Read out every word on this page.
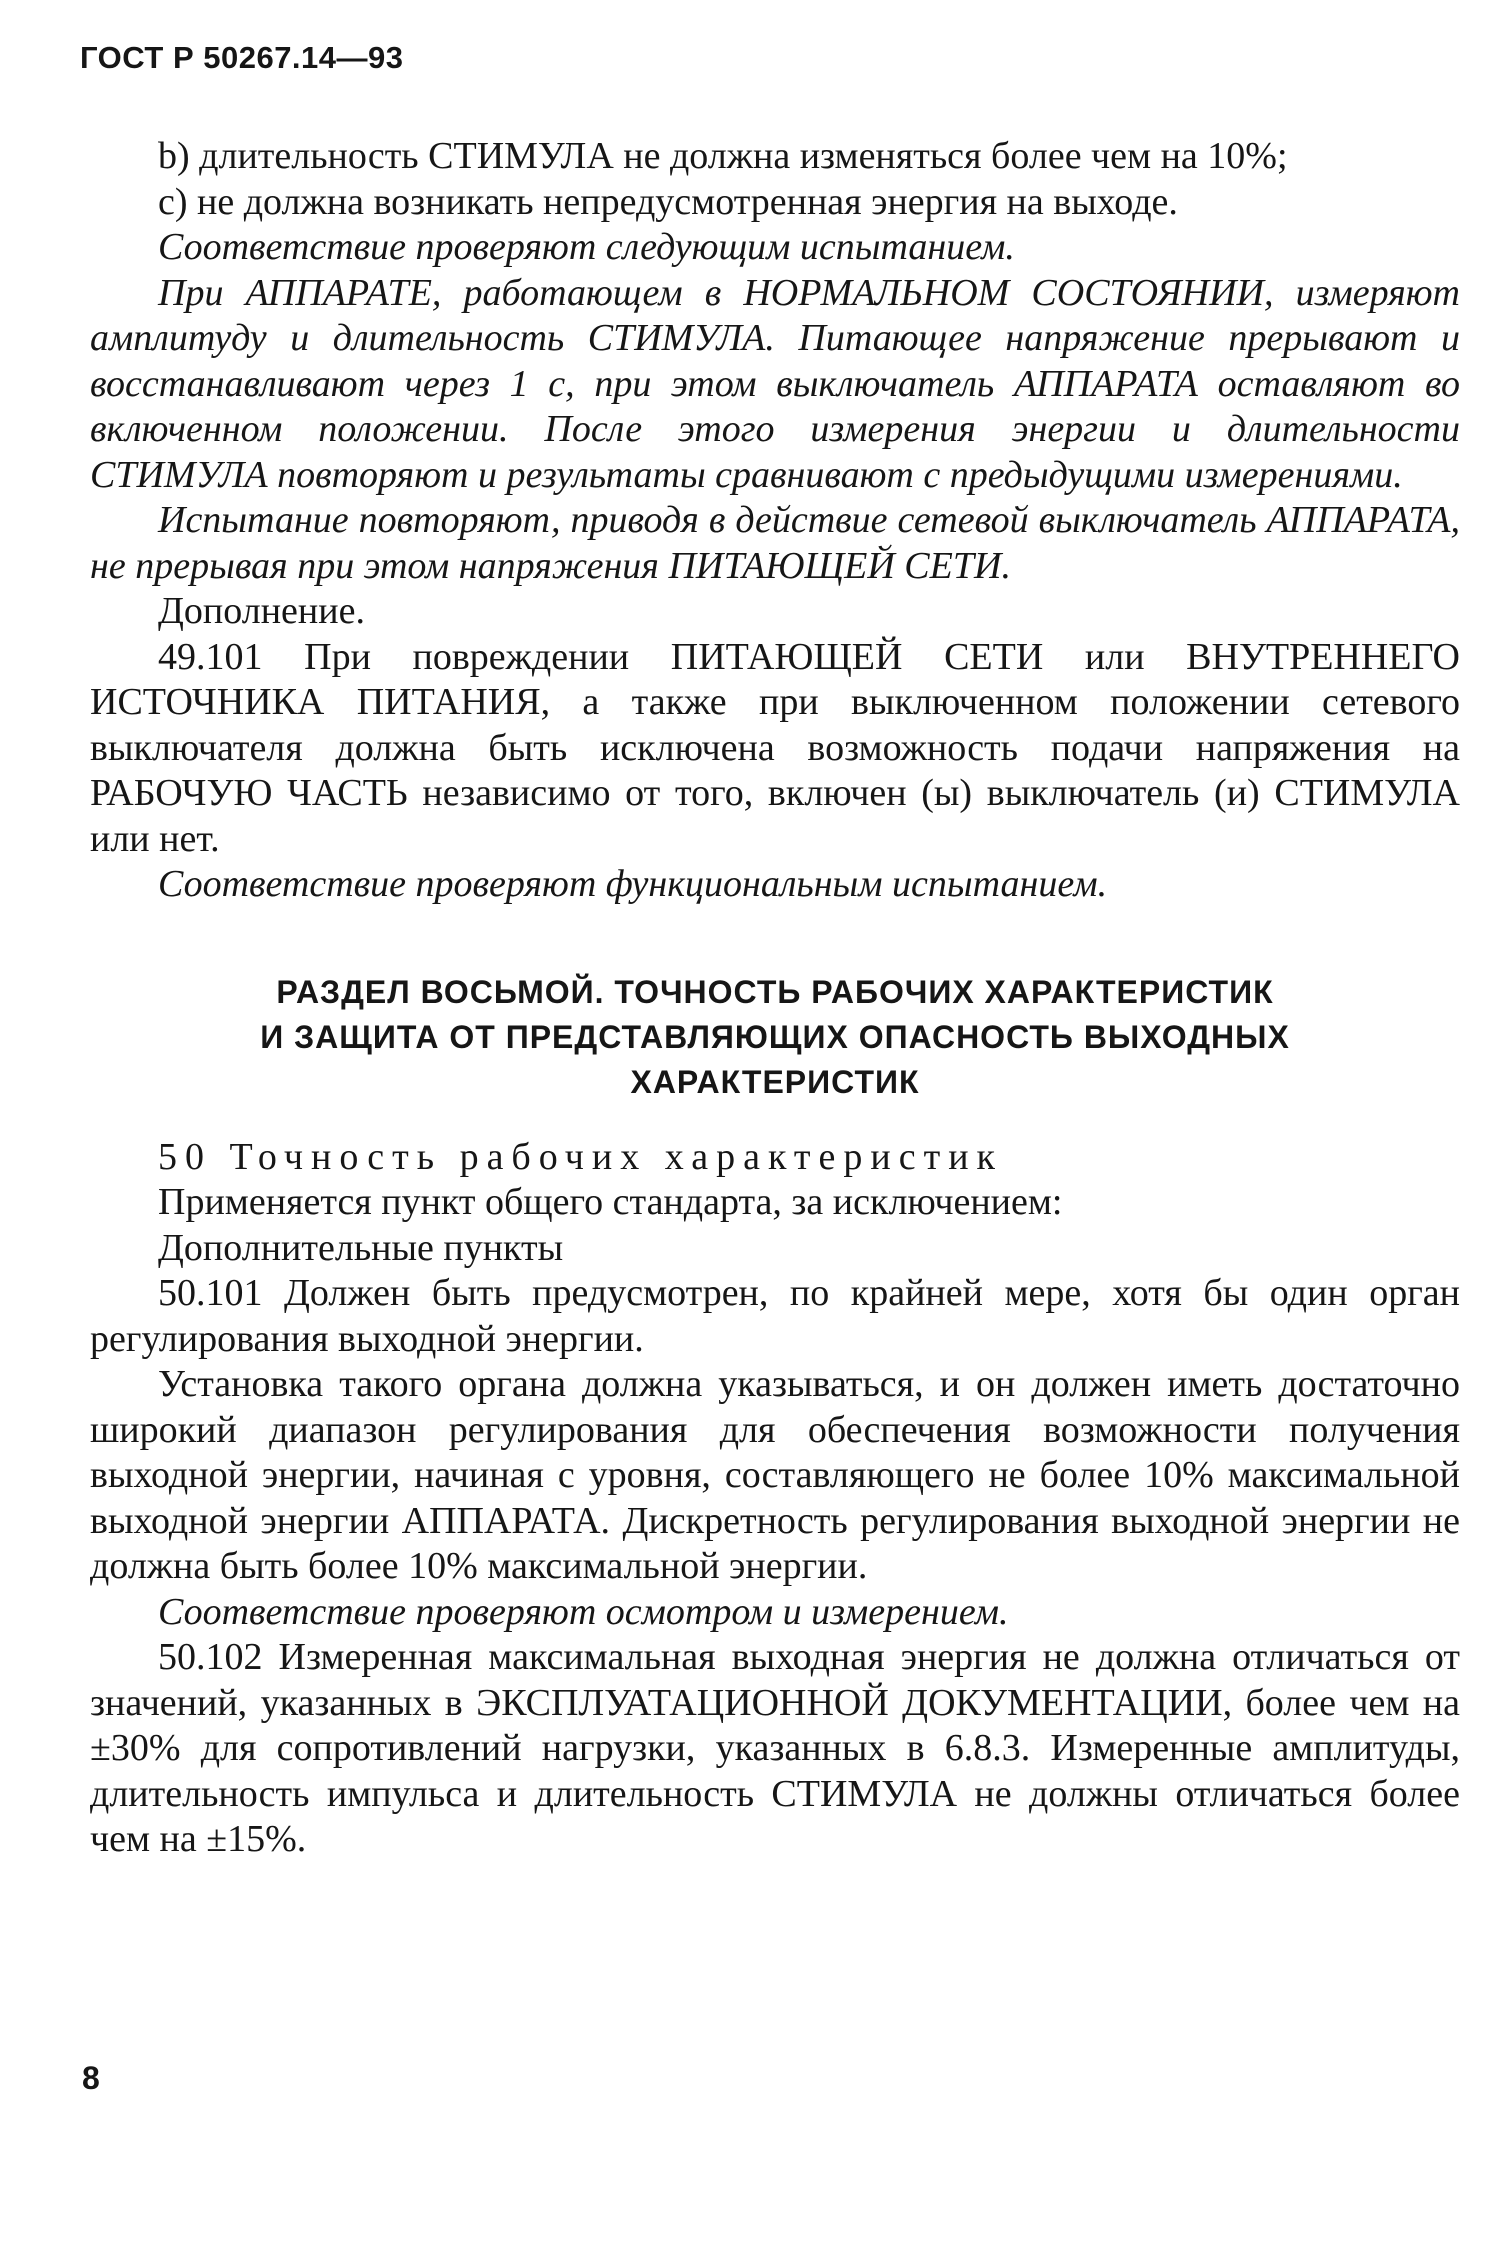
ГОСТ Р 50267.14—93

b) длительность СТИМУЛА не должна изменяться более чем на 10%;

c) не должна возникать непредусмотренная энергия на выходе.

Соответствие проверяют следующим испытанием.

При АППАРАТЕ, работающем в НОРМАЛЬНОМ СОСТОЯНИИ, измеряют амплитуду и длительность СТИМУЛА. Питающее напряжение прерывают и восстанавливают через 1 с, при этом выключатель АППАРАТА оставляют во включенном положении. После этого измерения энергии и длительности СТИМУЛА повторяют и результаты сравнивают с предыдущими измерениями.

Испытание повторяют, приводя в действие сетевой выключатель АППАРАТА, не прерывая при этом напряжения ПИТАЮЩЕЙ СЕТИ.

Дополнение.

49.101 При повреждении ПИТАЮЩЕЙ СЕТИ или ВНУТРЕННЕГО ИСТОЧНИКА ПИТАНИЯ, а также при выключенном положении сетевого выключателя должна быть исключена возможность подачи напряжения на РАБОЧУЮ ЧАСТЬ независимо от того, включен (ы) выключатель (и) СТИМУЛА или нет.

Соответствие проверяют функциональным испытанием.

РАЗДЕЛ ВОСЬМОЙ. ТОЧНОСТЬ РАБОЧИХ ХАРАКТЕРИСТИК
И ЗАЩИТА ОТ ПРЕДСТАВЛЯЮЩИХ ОПАСНОСТЬ ВЫХОДНЫХ
ХАРАКТЕРИСТИК

50 Точность рабочих характеристик

Применяется пункт общего стандарта, за исключением:

Дополнительные пункты

50.101 Должен быть предусмотрен, по крайней мере, хотя бы один орган регулирования выходной энергии.

Установка такого органа должна указываться, и он должен иметь достаточно широкий диапазон регулирования для обеспечения возможности получения выходной энергии, начиная с уровня, составляющего не более 10% максимальной выходной энергии АППАРАТА. Дискретность регулирования выходной энергии не должна быть более 10% максимальной энергии.

Соответствие проверяют осмотром и измерением.

50.102 Измеренная максимальная выходная энергия не должна отличаться от значений, указанных в ЭКСПЛУАТАЦИОННОЙ ДОКУМЕНТАЦИИ, более чем на ±30% для сопротивлений нагрузки, указанных в 6.8.3. Измеренные амплитуды, длительность импульса и длительность СТИМУЛА не должны отличаться более чем на ±15%.

8
